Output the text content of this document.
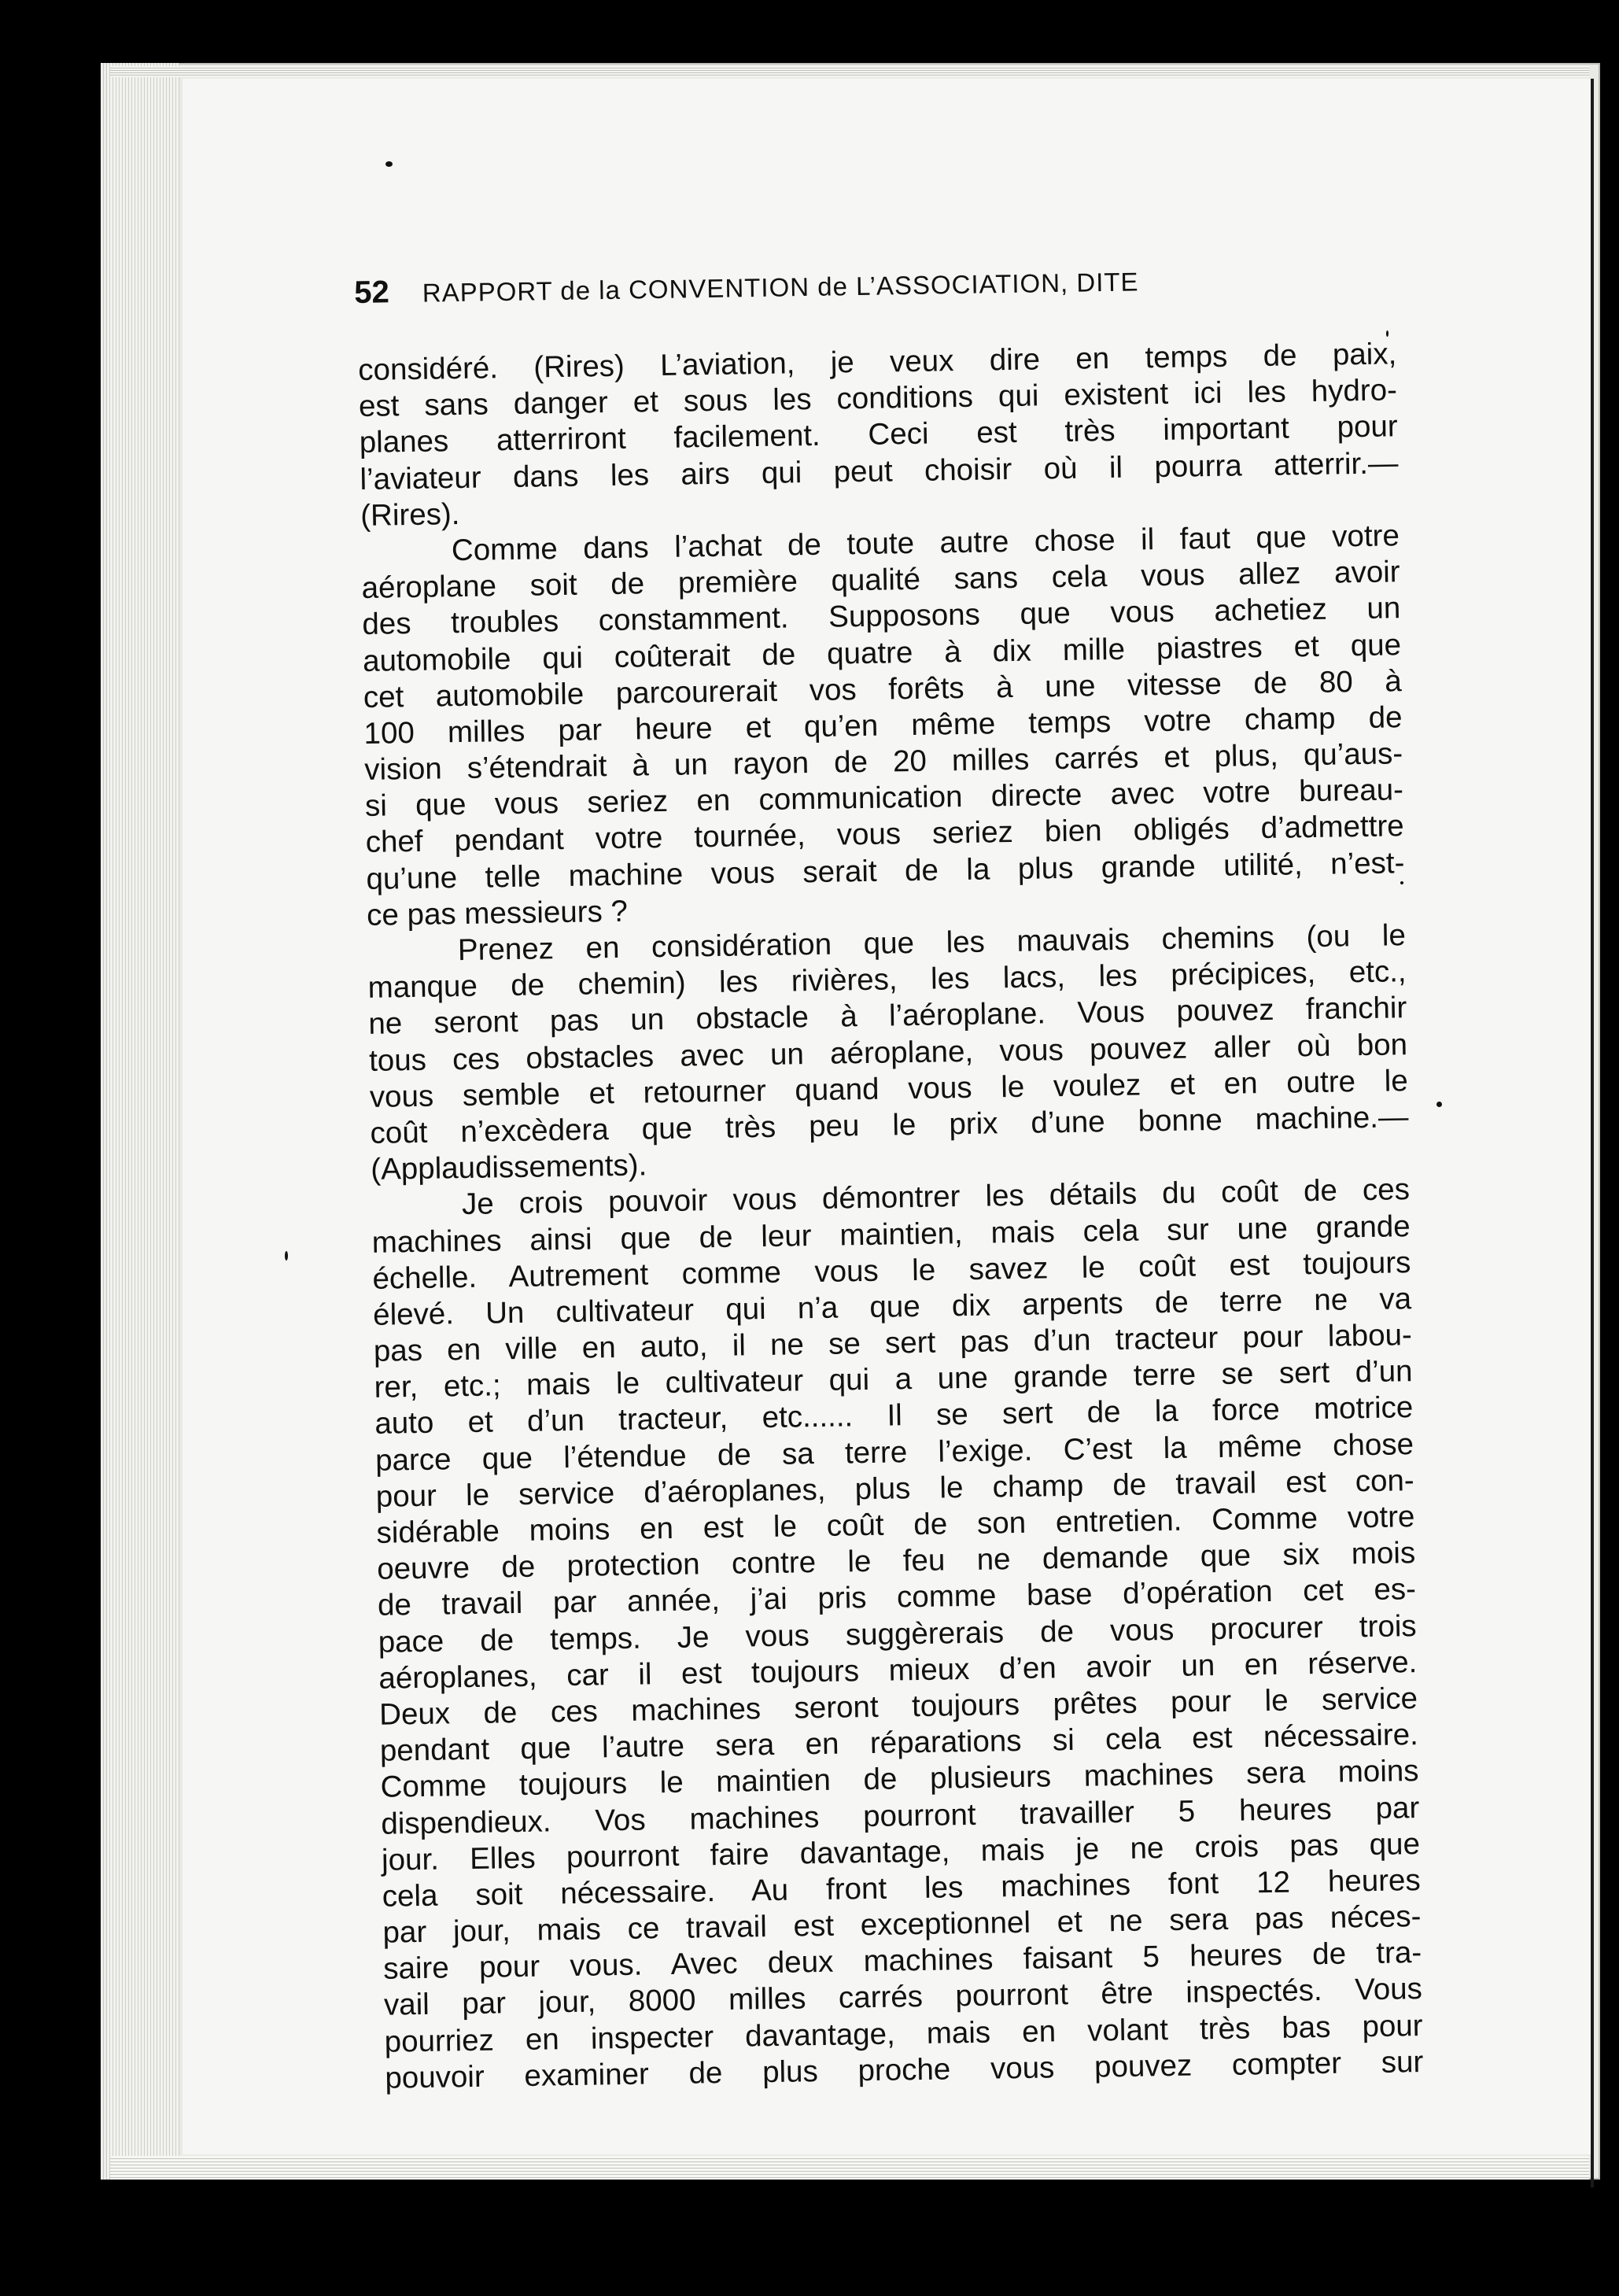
52 RAPPORT de la CONVENTION de L’ASSOCIATION, DITE
considéré. (Rires) L’aviation, je veux dire en temps de paix,
est sans danger et sous les conditions qui existent ici les hydro-
planes atterriront facilement. Ceci est très important pour
l’aviateur dans les airs qui peut choisir où il pourra atterrir.—
(Rires).
Comme dans l’achat de toute autre chose il faut que votre
aéroplane soit de première qualité sans cela vous allez avoir
des troubles constamment. Supposons que vous achetiez un
automobile qui coûterait de quatre à dix mille piastres et que
cet automobile parcourerait vos forêts à une vitesse de 80 à
100 milles par heure et qu’en même temps votre champ de
vision s’étendrait à un rayon de 20 milles carrés et plus, qu’aus-
si que vous seriez en communication directe avec votre bureau-
chef pendant votre tournée, vous seriez bien obligés d’admettre
qu’une telle machine vous serait de la plus grande utilité, n’est-
ce pas messieurs ?
Prenez en considération que les mauvais chemins (ou le
manque de chemin) les rivières, les lacs, les précipices, etc.,
ne seront pas un obstacle à l’aéroplane. Vous pouvez franchir
tous ces obstacles avec un aéroplane, vous pouvez aller où bon
vous semble et retourner quand vous le voulez et en outre le
coût n’excèdera que très peu le prix d’une bonne machine.—
(Applaudissements).
Je crois pouvoir vous démontrer les détails du coût de ces
machines ainsi que de leur maintien, mais cela sur une grande
échelle. Autrement comme vous le savez le coût est toujours
élevé. Un cultivateur qui n’a que dix arpents de terre ne va
pas en ville en auto, il ne se sert pas d’un tracteur pour labou-
rer, etc.; mais le cultivateur qui a une grande terre se sert d’un
auto et d’un tracteur, etc...... Il se sert de la force motrice
parce que l’étendue de sa terre l’exige. C’est la même chose
pour le service d’aéroplanes, plus le champ de travail est con-
sidérable moins en est le coût de son entretien. Comme votre
oeuvre de protection contre le feu ne demande que six mois
de travail par année, j’ai pris comme base d’opération cet es-
pace de temps. Je vous suggèrerais de vous procurer trois
aéroplanes, car il est toujours mieux d’en avoir un en réserve.
Deux de ces machines seront toujours prêtes pour le service
pendant que l’autre sera en réparations si cela est nécessaire.
Comme toujours le maintien de plusieurs machines sera moins
dispendieux. Vos machines pourront travailler 5 heures par
jour. Elles pourront faire davantage, mais je ne crois pas que
cela soit nécessaire. Au front les machines font 12 heures
par jour, mais ce travail est exceptionnel et ne sera pas néces-
saire pour vous. Avec deux machines faisant 5 heures de tra-
vail par jour, 8000 milles carrés pourront être inspectés. Vous
pourriez en inspecter davantage, mais en volant très bas pour
pouvoir examiner de plus proche vous pouvez compter sur
